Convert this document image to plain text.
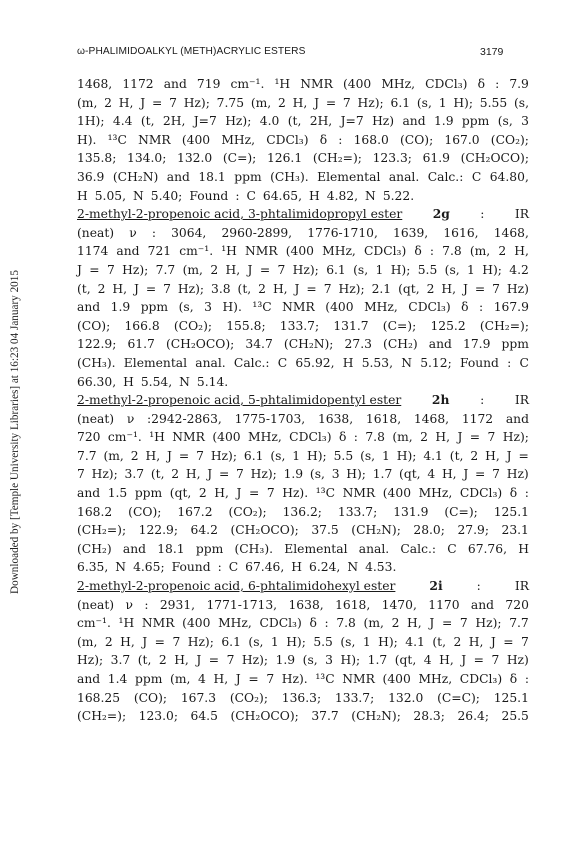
Downloaded by [Temple University Libraries] at 16:23 04 January 2015
ω-PHALIMIDOALKYL (METH)ACRYLIC ESTERS	3179
1468, 1172 and 719 cm⁻¹. ¹H NMR (400 MHz, CDCl₃) δ : 7.9
(m, 2 H, J = 7 Hz); 7.75 (m, 2 H, J = 7 Hz); 6.1 (s, 1 H); 5.55 (s,
1H); 4.4 (t, 2H, J=7 Hz); 4.0 (t, 2H, J=7 Hz) and 1.9 ppm (s, 3
H). ¹³C NMR (400 MHz, CDCl₃) δ : 168.0 (CO); 167.0 (CO₂);
135.8; 134.0; 132.0 (C=); 126.1 (CH₂=); 123.3; 61.9 (CH₂OCO);
36.9 (CH₂N) and 18.1 ppm (CH₃). Elemental anal. Calc.: C 64.80,
H 5.05, N 5.40; Found : C 64.65, H 4.82, N 5.22.
2-methyl-2-propenoic acid, 3-phtalimidopropyl ester 2g : IR
(neat) ν : 3064, 2960-2899, 1776-1710, 1639, 1616, 1468,
1174 and 721 cm⁻¹. ¹H NMR (400 MHz, CDCl₃) δ : 7.8 (m, 2 H,
J = 7 Hz); 7.7 (m, 2 H, J = 7 Hz); 6.1 (s, 1 H); 5.5 (s, 1 H); 4.2
(t, 2 H, J = 7 Hz); 3.8 (t, 2 H, J = 7 Hz); 2.1 (qt, 2 H, J = 7 Hz)
and 1.9 ppm (s, 3 H). ¹³C NMR (400 MHz, CDCl₃) δ : 167.9
(CO); 166.8 (CO₂); 155.8; 133.7; 131.7 (C=); 125.2 (CH₂=);
122.9; 61.7 (CH₂OCO); 34.7 (CH₂N); 27.3 (CH₂) and 17.9 ppm
(CH₃). Elemental anal. Calc.: C 65.92, H 5.53, N 5.12; Found : C
66.30, H 5.54, N 5.14.
2-methyl-2-propenoic acid, 5-phtalimidopentyl ester 2h : IR
(neat) ν :2942-2863, 1775-1703, 1638, 1618, 1468, 1172 and
720 cm⁻¹. ¹H NMR (400 MHz, CDCl₃) δ : 7.8 (m, 2 H, J = 7 Hz);
7.7 (m, 2 H, J = 7 Hz); 6.1 (s, 1 H); 5.5 (s, 1 H); 4.1 (t, 2 H, J =
7 Hz); 3.7 (t, 2 H, J = 7 Hz); 1.9 (s, 3 H); 1.7 (qt, 4 H, J = 7 Hz)
and 1.5 ppm (qt, 2 H, J = 7 Hz). ¹³C NMR (400 MHz, CDCl₃) δ :
168.2 (CO); 167.2 (CO₂); 136.2; 133.7; 131.9 (C=); 125.1
(CH₂=); 122.9; 64.2 (CH₂OCO); 37.5 (CH₂N); 28.0; 27.9; 23.1
(CH₂) and 18.1 ppm (CH₃). Elemental anal. Calc.: C 67.76, H
6.35, N 4.65; Found : C 67.46, H 6.24, N 4.53.
2-methyl-2-propenoic acid, 6-phtalimidohexyl ester	2i	:	IR
(neat) ν : 2931, 1771-1713, 1638, 1618, 1470, 1170 and 720
cm⁻¹. ¹H NMR (400 MHz, CDCl₃) δ : 7.8 (m, 2 H, J = 7 Hz); 7.7
(m, 2 H, J = 7 Hz); 6.1 (s, 1 H); 5.5 (s, 1 H); 4.1 (t, 2 H, J = 7
Hz); 3.7 (t, 2 H, J = 7 Hz); 1.9 (s, 3 H); 1.7 (qt, 4 H, J = 7 Hz)
and 1.4 ppm (m, 4 H, J = 7 Hz). ¹³C NMR (400 MHz, CDCl₃) δ :
168.25 (CO); 167.3 (CO₂); 136.3; 133.7; 132.0 (C=C); 125.1
(CH₂=); 123.0; 64.5 (CH₂OCO); 37.7 (CH₂N); 28.3; 26.4; 25.5
